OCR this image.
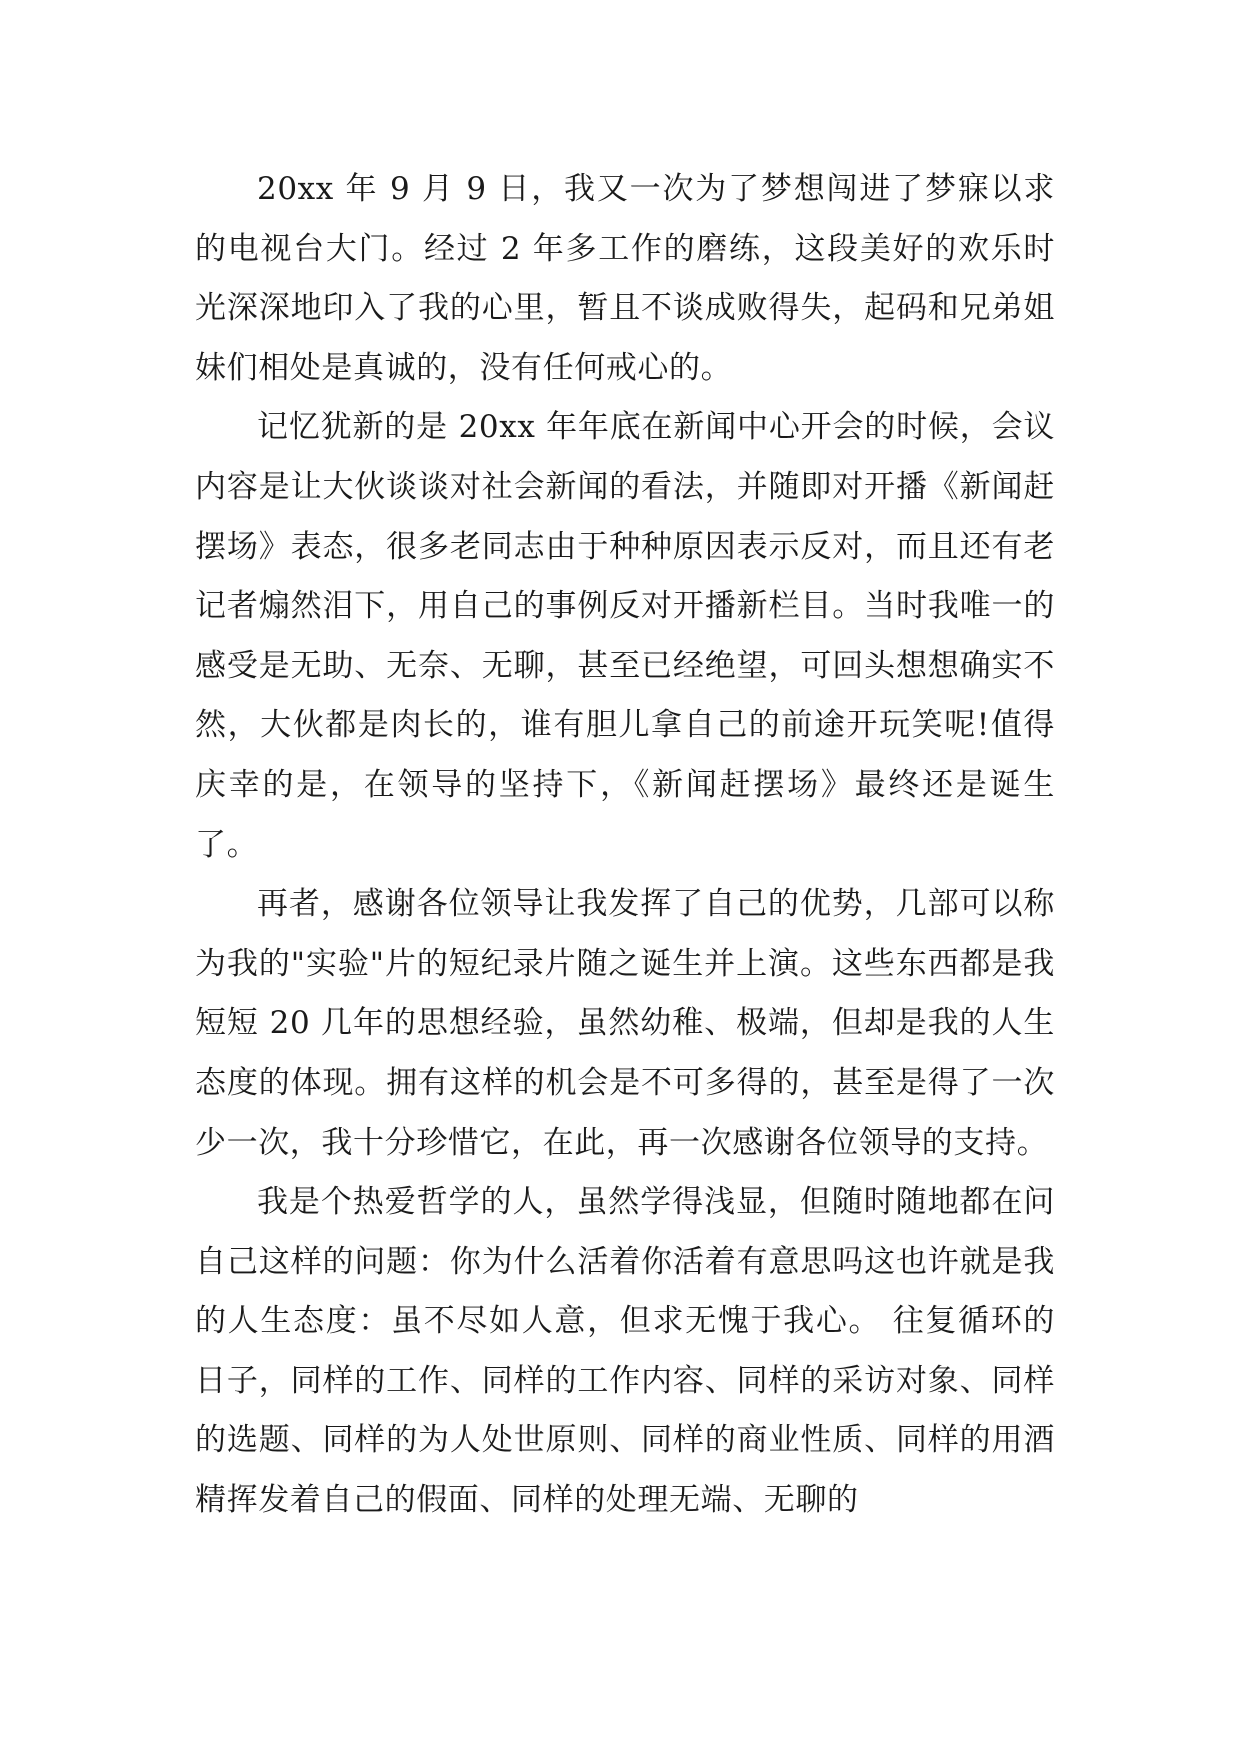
20xx 年 9 月 9 日，我又一次为了梦想闯进了梦寐以求的电视台大门。经过 2 年多工作的磨练，这段美好的欢乐时光深深地印入了我的心里，暂且不谈成败得失，起码和兄弟姐妹们相处是真诚的，没有任何戒心的。

记忆犹新的是 20xx 年年底在新闻中心开会的时候，会议内容是让大伙谈谈对社会新闻的看法，并随即对开播《新闻赶摆场》表态，很多老同志由于种种原因表示反对，而且还有老记者煽然泪下，用自己的事例反对开播新栏目。当时我唯一的感受是无助、无奈、无聊，甚至已经绝望，可回头想想确实不然，大伙都是肉长的，谁有胆儿拿自己的前途开玩笑呢!值得庆幸的是，在领导的坚持下，《新闻赶摆场》最终还是诞生了。

再者，感谢各位领导让我发挥了自己的优势，几部可以称为我的"实验"片的短纪录片随之诞生并上演。这些东西都是我短短 20 几年的思想经验，虽然幼稚、极端，但却是我的人生态度的体现。拥有这样的机会是不可多得的，甚至是得了一次少一次，我十分珍惜它，在此，再一次感谢各位领导的支持。

我是个热爱哲学的人，虽然学得浅显，但随时随地都在问自己这样的问题：你为什么活着你活着有意思吗这也许就是我的人生态度：虽不尽如人意，但求无愧于我心。 往复循环的日子，同样的工作、同样的工作内容、同样的采访对象、同样的选题、同样的为人处世原则、同样的商业性质、同样的用酒精挥发着自己的假面、同样的处理无端、无聊的
